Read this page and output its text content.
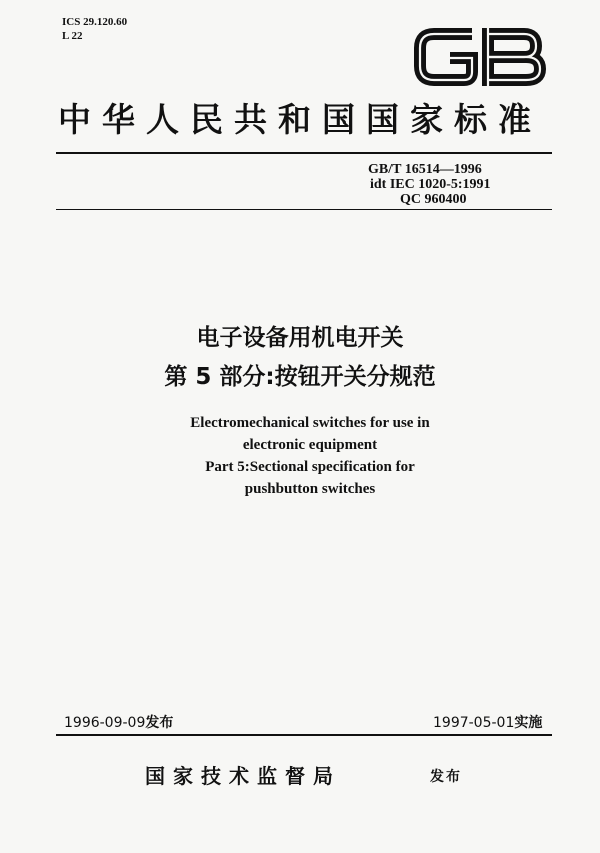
ICS 29.120.60
L 22
中华人民共和国国家标准
GB/T 16514—1996
idt IEC 1020-5:1991
QC 960400
电子设备用机电开关
第 5 部分:按钮开关分规范
Electromechanical switches for use in
electronic equipment
Part 5:Sectional specification for
pushbutton switches
1996-09-09发布	1997-05-01实施
国家技术监督局	发布
